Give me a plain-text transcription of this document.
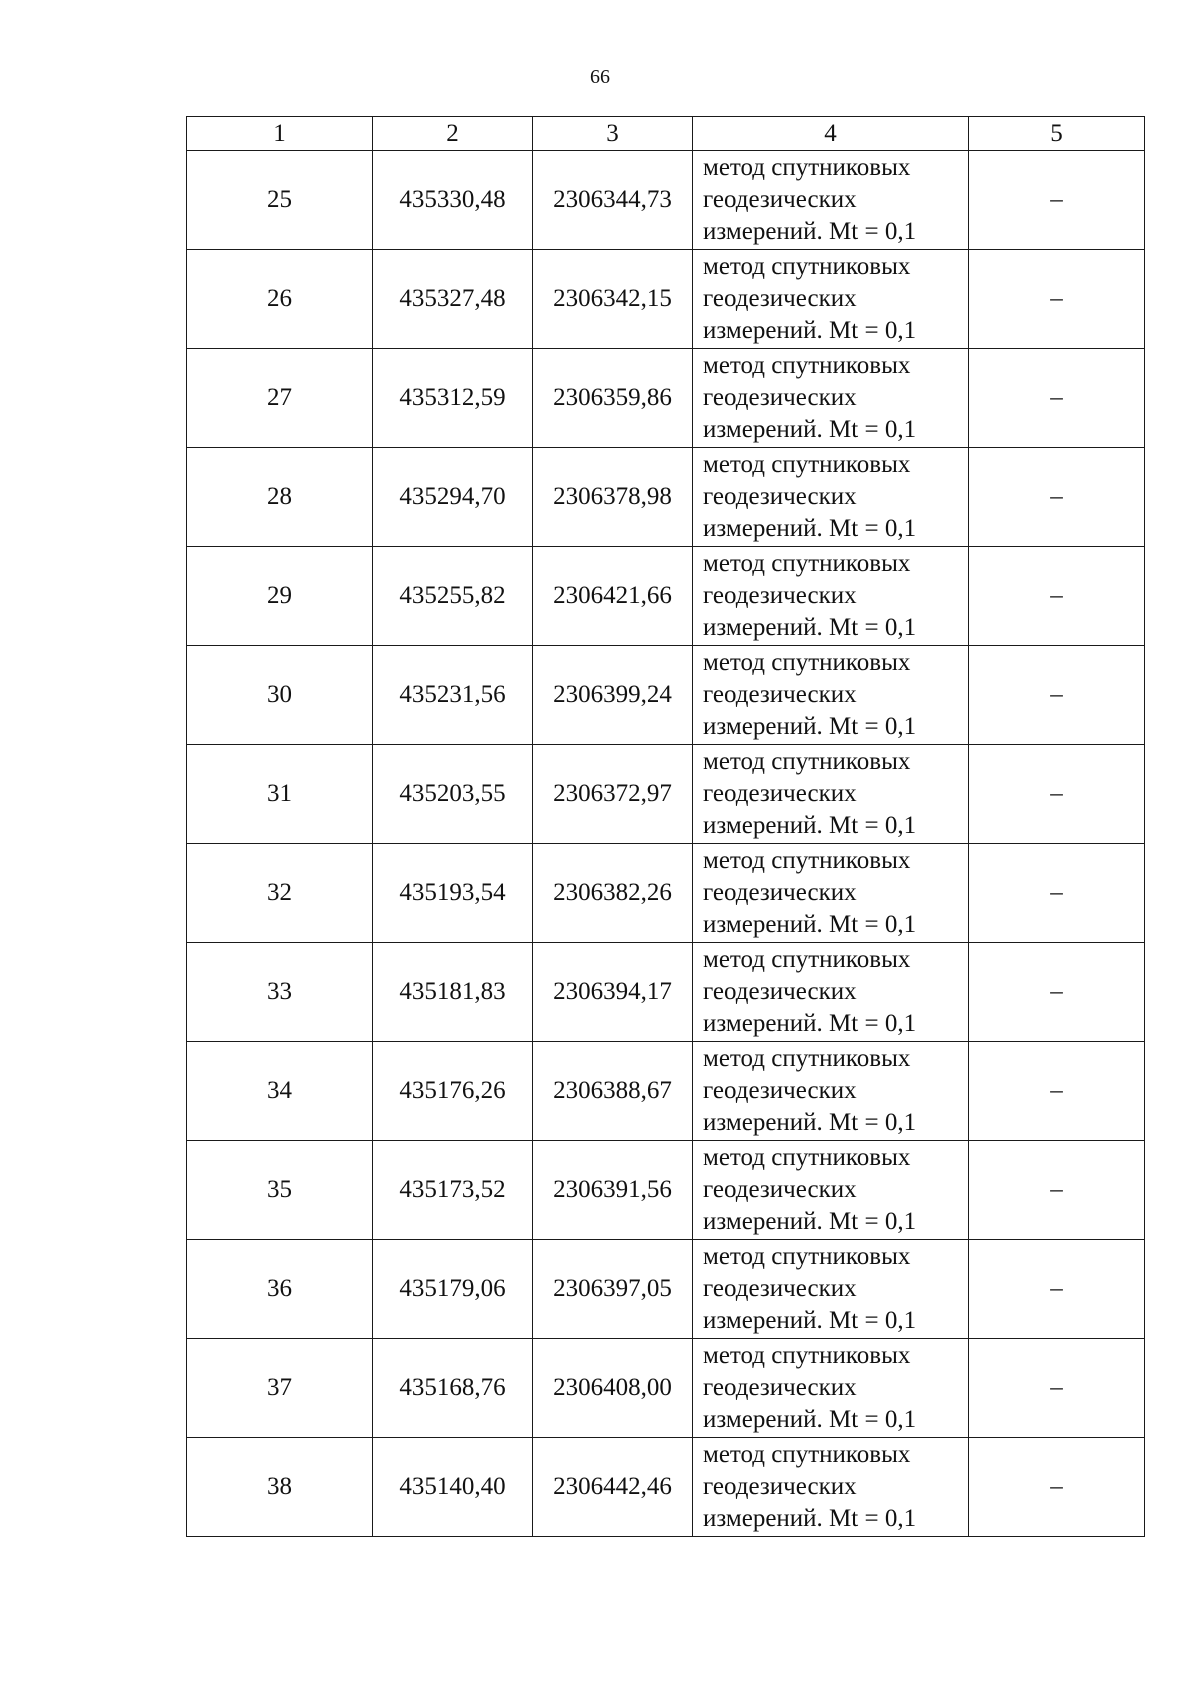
66
1	2	3	4	5
25	435330,48	2306344,73	метод спутниковых
геодезических
измерений. Mt = 0,1	–
26	435327,48	2306342,15	метод спутниковых
геодезических
измерений. Mt = 0,1	–
27	435312,59	2306359,86	метод спутниковых
геодезических
измерений. Mt = 0,1	–
28	435294,70	2306378,98	метод спутниковых
геодезических
измерений. Mt = 0,1	–
29	435255,82	2306421,66	метод спутниковых
геодезических
измерений. Mt = 0,1	–
30	435231,56	2306399,24	метод спутниковых
геодезических
измерений. Mt = 0,1	–
31	435203,55	2306372,97	метод спутниковых
геодезических
измерений. Mt = 0,1	–
32	435193,54	2306382,26	метод спутниковых
геодезических
измерений. Mt = 0,1	–
33	435181,83	2306394,17	метод спутниковых
геодезических
измерений. Mt = 0,1	–
34	435176,26	2306388,67	метод спутниковых
геодезических
измерений. Mt = 0,1	–
35	435173,52	2306391,56	метод спутниковых
геодезических
измерений. Mt = 0,1	–
36	435179,06	2306397,05	метод спутниковых
геодезических
измерений. Mt = 0,1	–
37	435168,76	2306408,00	метод спутниковых
геодезических
измерений. Mt = 0,1	–
38	435140,40	2306442,46	метод спутниковых
геодезических
измерений. Mt = 0,1	–
